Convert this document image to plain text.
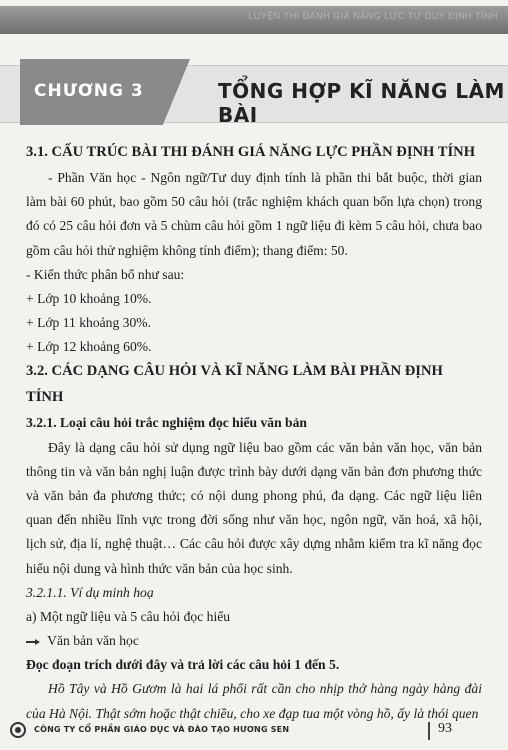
LUYỆN THI ĐÁNH GIÁ NĂNG LỰC TƯ DUY ĐỊNH TÍNH
CHƯƠNG 3	TỔNG HỢP KĨ NĂNG LÀM BÀI

3.1. CẤU TRÚC BÀI THI ĐÁNH GIÁ NĂNG LỰC PHẦN ĐỊNH TÍNH

- Phần Văn học - Ngôn ngữ/Tư duy định tính là phần thi bắt buộc, thời gian làm bài 60 phút, bao gồm 50 câu hỏi (trắc nghiệm khách quan bốn lựa chọn) trong đó có 25 câu hỏi đơn và 5 chùm câu hỏi gồm 1 ngữ liệu đi kèm 5 câu hỏi, chưa bao gồm câu hỏi thử nghiệm không tính điểm); thang điểm: 50.

- Kiến thức phân bổ như sau:

+ Lớp 10 khoảng 10%.

+ Lớp 11 khoảng 30%.

+ Lớp 12 khoảng 60%.

3.2. CÁC DẠNG CÂU HỎI VÀ KĨ NĂNG LÀM BÀI PHẦN ĐỊNH TÍNH

3.2.1. Loại câu hỏi trắc nghiệm đọc hiểu văn bản

Đây là dạng câu hỏi sử dụng ngữ liệu bao gồm các văn bản văn học, văn bản thông tin và văn bản nghị luận được trình bày dưới dạng văn bản đơn phương thức và văn bản đa phương thức; có nội dung phong phú, đa dạng. Các ngữ liệu liên quan đến nhiều lĩnh vực trong đời sống như văn học, ngôn ngữ, văn hoá, xã hội, lịch sử, địa lí, nghệ thuật… Các câu hỏi được xây dựng nhằm kiểm tra kĩ năng đọc hiểu nội dung và hình thức văn bản của học sinh.

3.2.1.1. Ví dụ minh hoạ

a) Một ngữ liệu và 5 câu hỏi đọc hiểu

Văn bản văn học

Đọc đoạn trích dưới đây và trả lời các câu hỏi 1 đến 5.

Hồ Tây và Hồ Gươm là hai lá phổi rất cần cho nhịp thở hàng ngày hàng đài của Hà Nội. Thật sớm hoặc thật chiều, cho xe đạp tua một vòng hồ, ấy là thói quen

CÔNG TY CỔ PHẦN GIÁO DỤC VÀ ĐÀO TẠO HƯƠNG SEN	93
